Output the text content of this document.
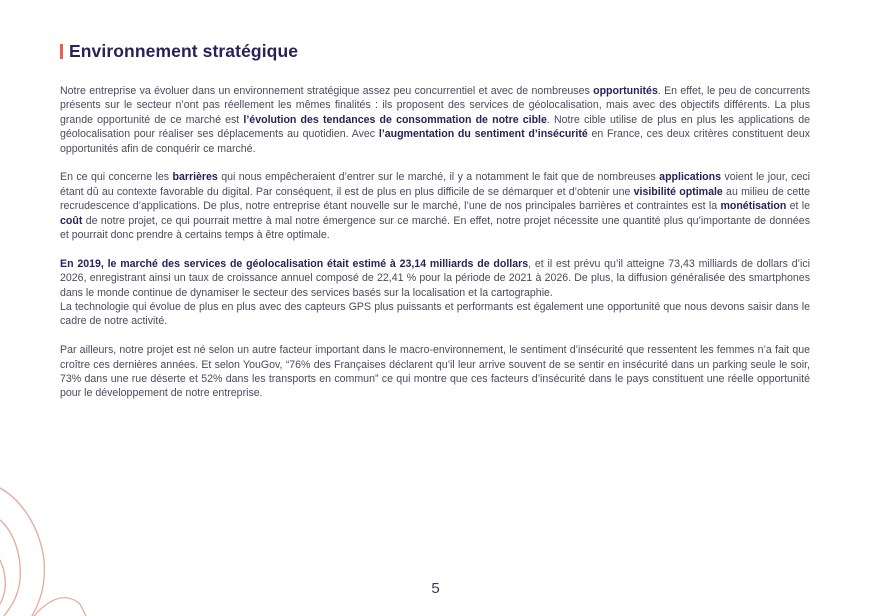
Environnement stratégique

Notre entreprise va évoluer dans un environnement stratégique assez peu concurrentiel et avec de nombreuses opportunités. En effet, le peu de concurrents présents sur le secteur n’ont pas réellement les mêmes finalités : ils proposent des services de géolocalisation, mais avec des objectifs différents. La plus grande opportunité de ce marché est l’évolution des tendances de consommation de notre cible. Notre cible utilise de plus en plus les applications de géolocalisation pour réaliser ses déplacements au quotidien. Avec l’augmentation du sentiment d’insécurité en France, ces deux critères constituent deux opportunités afin de conquérir ce marché.

En ce qui concerne les barrières qui nous empêcheraient d’entrer sur le marché, il y a notamment le fait que de nombreuses applications voient le jour, ceci étant dû au contexte favorable du digital. Par conséquent, il est de plus en plus difficile de se démarquer et d’obtenir une visibilité optimale au milieu de cette recrudescence d’applications. De plus, notre entreprise étant nouvelle sur le marché, l’une de nos principales barrières et contraintes est la monétisation et le coût de notre projet, ce qui pourrait mettre à mal notre émergence sur ce marché. En effet, notre projet nécessite une quantité plus qu’importante de données et pourrait donc prendre à certains temps à être optimale.

En 2019, le marché des services de géolocalisation était estimé à 23,14 milliards de dollars, et il est prévu qu’il atteigne 73,43 milliards de dollars d’ici 2026, enregistrant ainsi un taux de croissance annuel composé de 22,41 % pour la période de 2021 à 2026. De plus, la diffusion généralisée des smartphones dans le monde continue de dynamiser le secteur des services basés sur la localisation et la cartographie.

La technologie qui évolue de plus en plus avec des capteurs GPS plus puissants et performants est également une opportunité que nous devons saisir dans le cadre de notre activité.

Par ailleurs, notre projet est né selon un autre facteur important dans le macro-environnement, le sentiment d’insécurité que ressentent les femmes n’a fait que croître ces dernières années. Et selon YouGov, “76% des Françaises déclarent qu’il leur arrive souvent de se sentir en insécurité dans un parking seule le soir, 73% dans une rue déserte et 52% dans les transports en commun” ce qui montre que ces facteurs d’insécurité dans le pays constituent une réelle opportunité pour le développement de notre entreprise.

5
